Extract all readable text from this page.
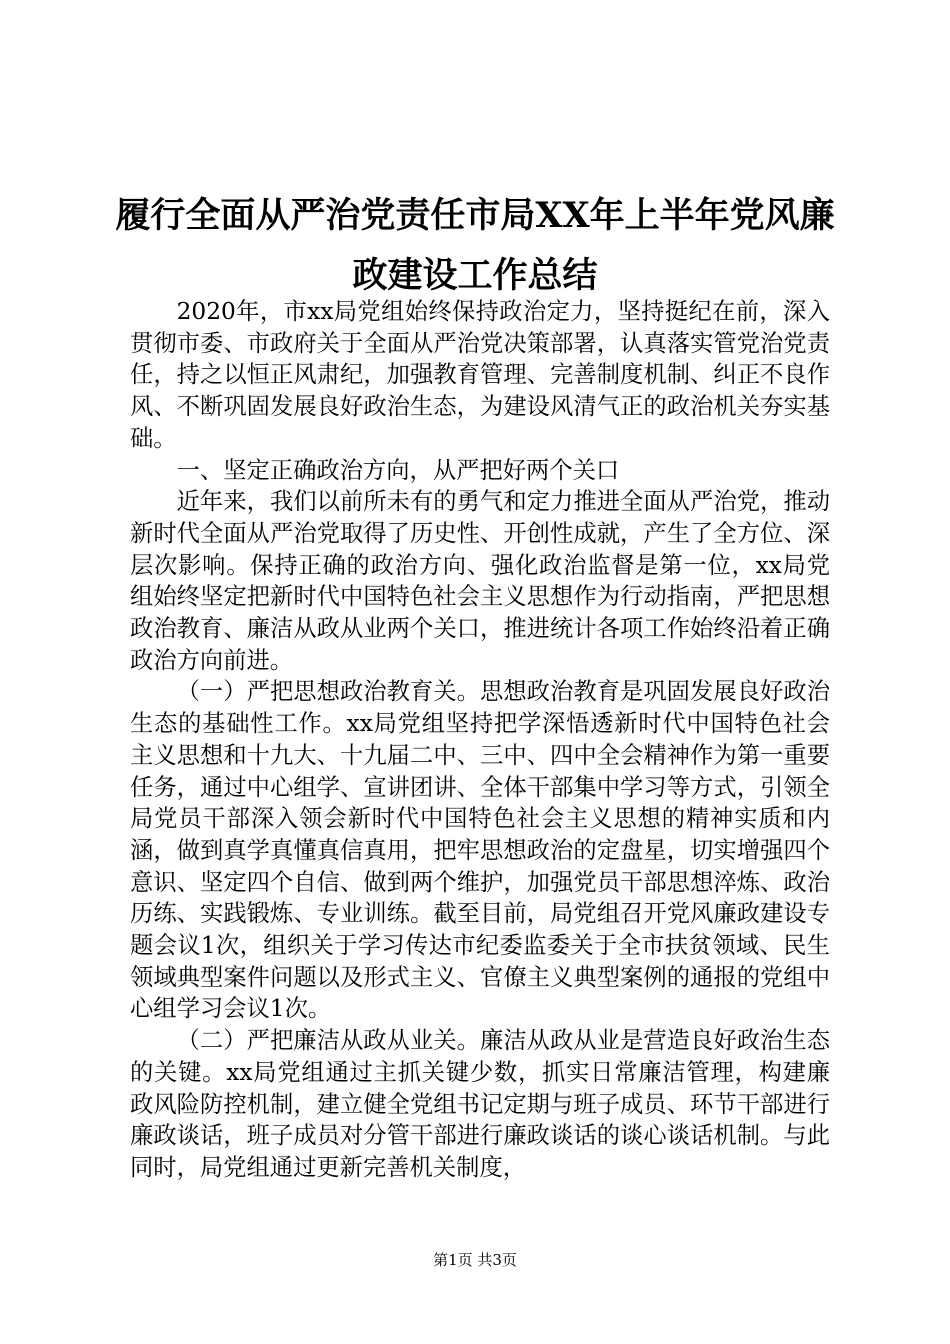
履行全面从严治党责任市局XX年上半年党风廉政建设工作总结

2020年，市xx局党组始终保持政治定力，坚持挺纪在前，深入贯彻市委、市政府关于全面从严治党决策部署，认真落实管党治党责任，持之以恒正风肃纪，加强教育管理、完善制度机制、纠正不良作风、不断巩固发展良好政治生态，为建设风清气正的政治机关夯实基础。

一、坚定正确政治方向，从严把好两个关口

近年来，我们以前所未有的勇气和定力推进全面从严治党，推动新时代全面从严治党取得了历史性、开创性成就，产生了全方位、深层次影响。保持正确的政治方向、强化政治监督是第一位，xx局党组始终坚定把新时代中国特色社会主义思想作为行动指南，严把思想政治教育、廉洁从政从业两个关口，推进统计各项工作始终沿着正确政治方向前进。

（一）严把思想政治教育关。思想政治教育是巩固发展良好政治生态的基础性工作。xx局党组坚持把学深悟透新时代中国特色社会主义思想和十九大、十九届二中、三中、四中全会精神作为第一重要任务，通过中心组学、宣讲团讲、全体干部集中学习等方式，引领全局党员干部深入领会新时代中国特色社会主义思想的精神实质和内涵，做到真学真懂真信真用，把牢思想政治的定盘星，切实增强四个意识、坚定四个自信、做到两个维护，加强党员干部思想淬炼、政治历练、实践锻炼、专业训练。截至目前，局党组召开党风廉政建设专题会议1次，组织关于学习传达市纪委监委关于全市扶贫领域、民生领域典型案件问题以及形式主义、官僚主义典型案例的通报的党组中心组学习会议1次。

（二）严把廉洁从政从业关。廉洁从政从业是营造良好政治生态的关键。xx局党组通过主抓关键少数，抓实日常廉洁管理，构建廉政风险防控机制，建立健全党组书记定期与班子成员、环节干部进行廉政谈话，班子成员对分管干部进行廉政谈话的谈心谈话机制。与此同时，局党组通过更新完善机关制度，

第1页 共3页
